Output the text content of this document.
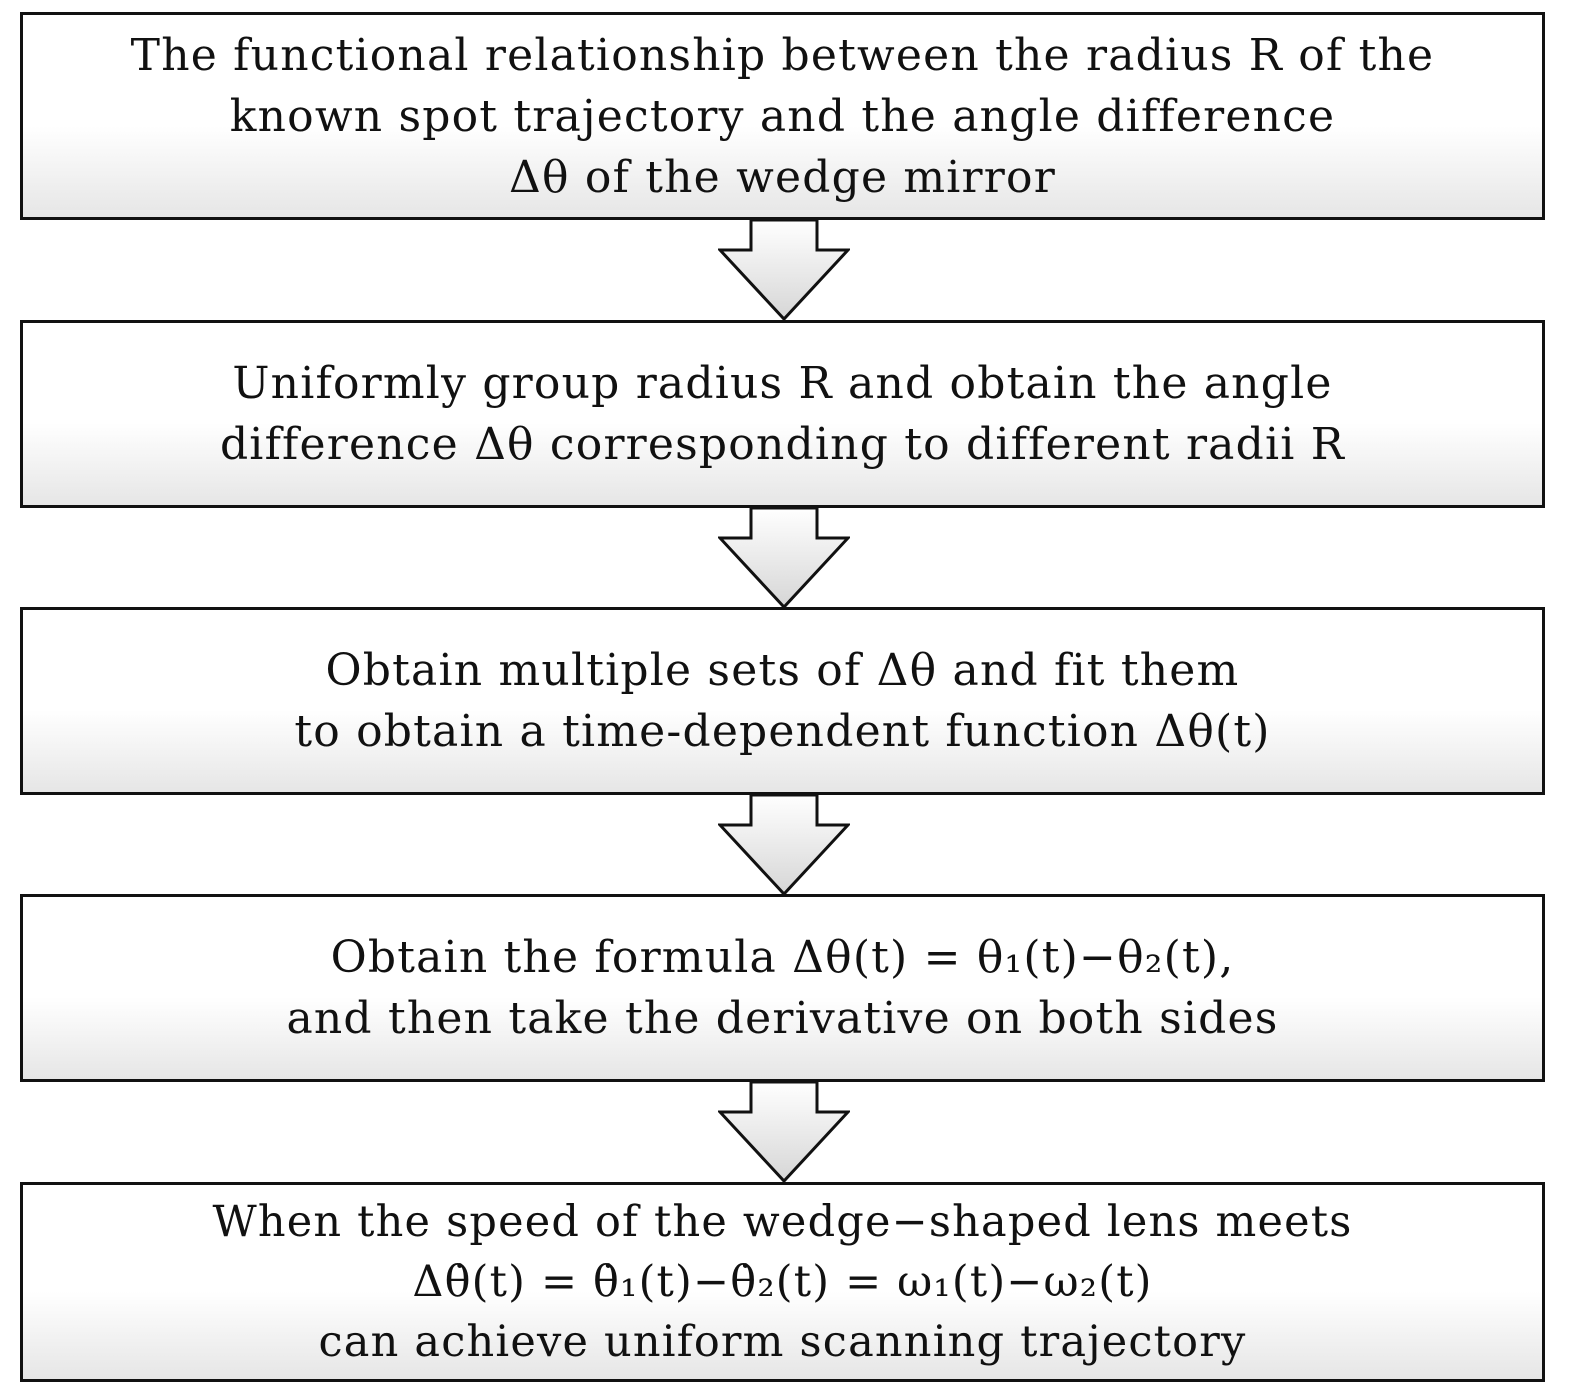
The functional relationship between the radius R of the
known spot trajectory and the angle difference
Δθ of the wedge mirror
Uniformly group radius R and obtain the angle
difference Δθ corresponding to different radii R
Obtain multiple sets of Δθ and fit them
to obtain a time-dependent function Δθ(t)
Obtain the formula Δθ(t) = θ₁(t)−θ₂(t),
and then take the derivative on both sides
When the speed of the wedge−shaped lens meets
Δθ̇(t) = θ̇₁(t)−θ̇₂(t) = ω₁(t)−ω₂(t)
can achieve uniform scanning trajectory
